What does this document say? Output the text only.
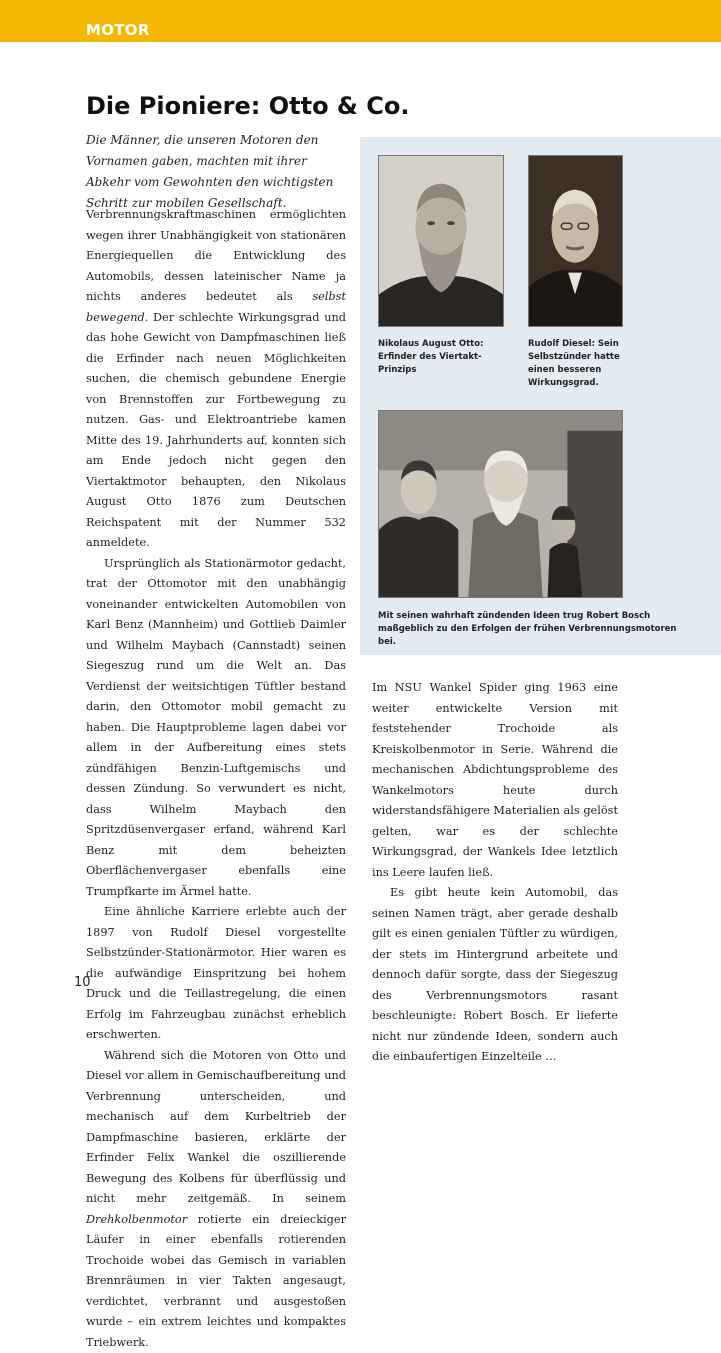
MOTOR
Die Pioniere: Otto & Co.

Die Männer, die unseren Motoren den Vornamen gaben, machten mit ihrer Abkehr vom Gewohnten den wichtigsten Schritt zur mobilen Gesellschaft.

Verbrennungskraftmaschinen ermöglichten wegen ihrer Unabhängigkeit von stationären Energiequellen die Entwicklung des Automobils, dessen lateinischer Name ja nichts anderes bedeutet als selbst bewegend. Der schlechte Wirkungsgrad und das hohe Gewicht von Dampfmaschinen ließ die Erfinder nach neuen Möglichkeiten suchen, die chemisch gebundene Energie von Brennstoffen zur Fortbewegung zu nutzen. Gas- und Elektroantriebe kamen Mitte des 19. Jahrhunderts auf, konnten sich am Ende jedoch nicht gegen den Viertaktmotor behaupten, den Nikolaus August Otto 1876 zum Deutschen Reichspatent mit der Nummer 532 anmeldete.

Ursprünglich als Stationärmotor gedacht, trat der Ottomotor mit den unabhängig voneinander entwickelten Automobilen von Karl Benz (Mannheim) und Gottlieb Daimler und Wilhelm Maybach (Cannstadt) seinen Siegeszug rund um die Welt an. Das Verdienst der weitsichtigen Tüftler bestand darin, den Ottomotor mobil gemacht zu haben. Die Hauptprobleme lagen dabei vor allem in der Aufbereitung eines stets zündfähigen Benzin-Luftgemischs und dessen Zündung. So verwundert es nicht, dass Wilhelm Maybach den Spritzdüsenvergaser erfand, während Karl Benz mit dem beheizten Oberflächenvergaser ebenfalls eine Trumpfkarte im Ärmel hatte.

Eine ähnliche Karriere erlebte auch der 1897 von Rudolf Diesel vorgestellte Selbstzünder-Stationärmotor. Hier waren es die aufwändige Einspritzung bei hohem Druck und die Teillastregelung, die einen Erfolg im Fahrzeugbau zunächst erheblich erschwerten.

Während sich die Motoren von Otto und Diesel vor allem in Gemischaufbereitung und Verbrennung unterscheiden, und mechanisch auf dem Kurbeltrieb der Dampfmaschine basieren, erklärte der Erfinder Felix Wankel die oszillierende Bewegung des Kolbens für überflüssig und nicht mehr zeitgemäß. In seinem Drehkolbenmotor rotierte ein dreieckiger Läufer in einer ebenfalls rotierenden Trochoide wobei das Gemisch in variablen Brennräumen in vier Takten angesaugt, verdichtet, verbrannt und ausgestoßen wurde – ein extrem leichtes und kompaktes Triebwerk.

Nikolaus August Otto: Erfinder des Viertakt-Prinzips
Rudolf Diesel: Sein Selbstzünder hatte einen besseren Wirkungsgrad.
Mit seinen wahrhaft zündenden Ideen trug Robert Bosch maßgeblich zu den Erfolgen der frühen Verbrennungsmotoren bei.

Im NSU Wankel Spider ging 1963 eine weiter entwickelte Version mit feststehender Trochoide als Kreiskolbenmotor in Serie. Während die mechanischen Abdichtungsprobleme des Wankelmotors heute durch widerstandsfähigere Materialien als gelöst gelten, war es der schlechte Wirkungsgrad, der Wankels Idee letztlich ins Leere laufen ließ.

Es gibt heute kein Automobil, das seinen Namen trägt, aber gerade deshalb gilt es einen genialen Tüftler zu würdigen, der stets im Hintergrund arbeitete und dennoch dafür sorgte, dass der Siegeszug des Verbrennungsmotors rasant beschleunigte: Robert Bosch. Er lieferte nicht nur zündende Ideen, sondern auch die einbaufertigen Einzelteile …

10
